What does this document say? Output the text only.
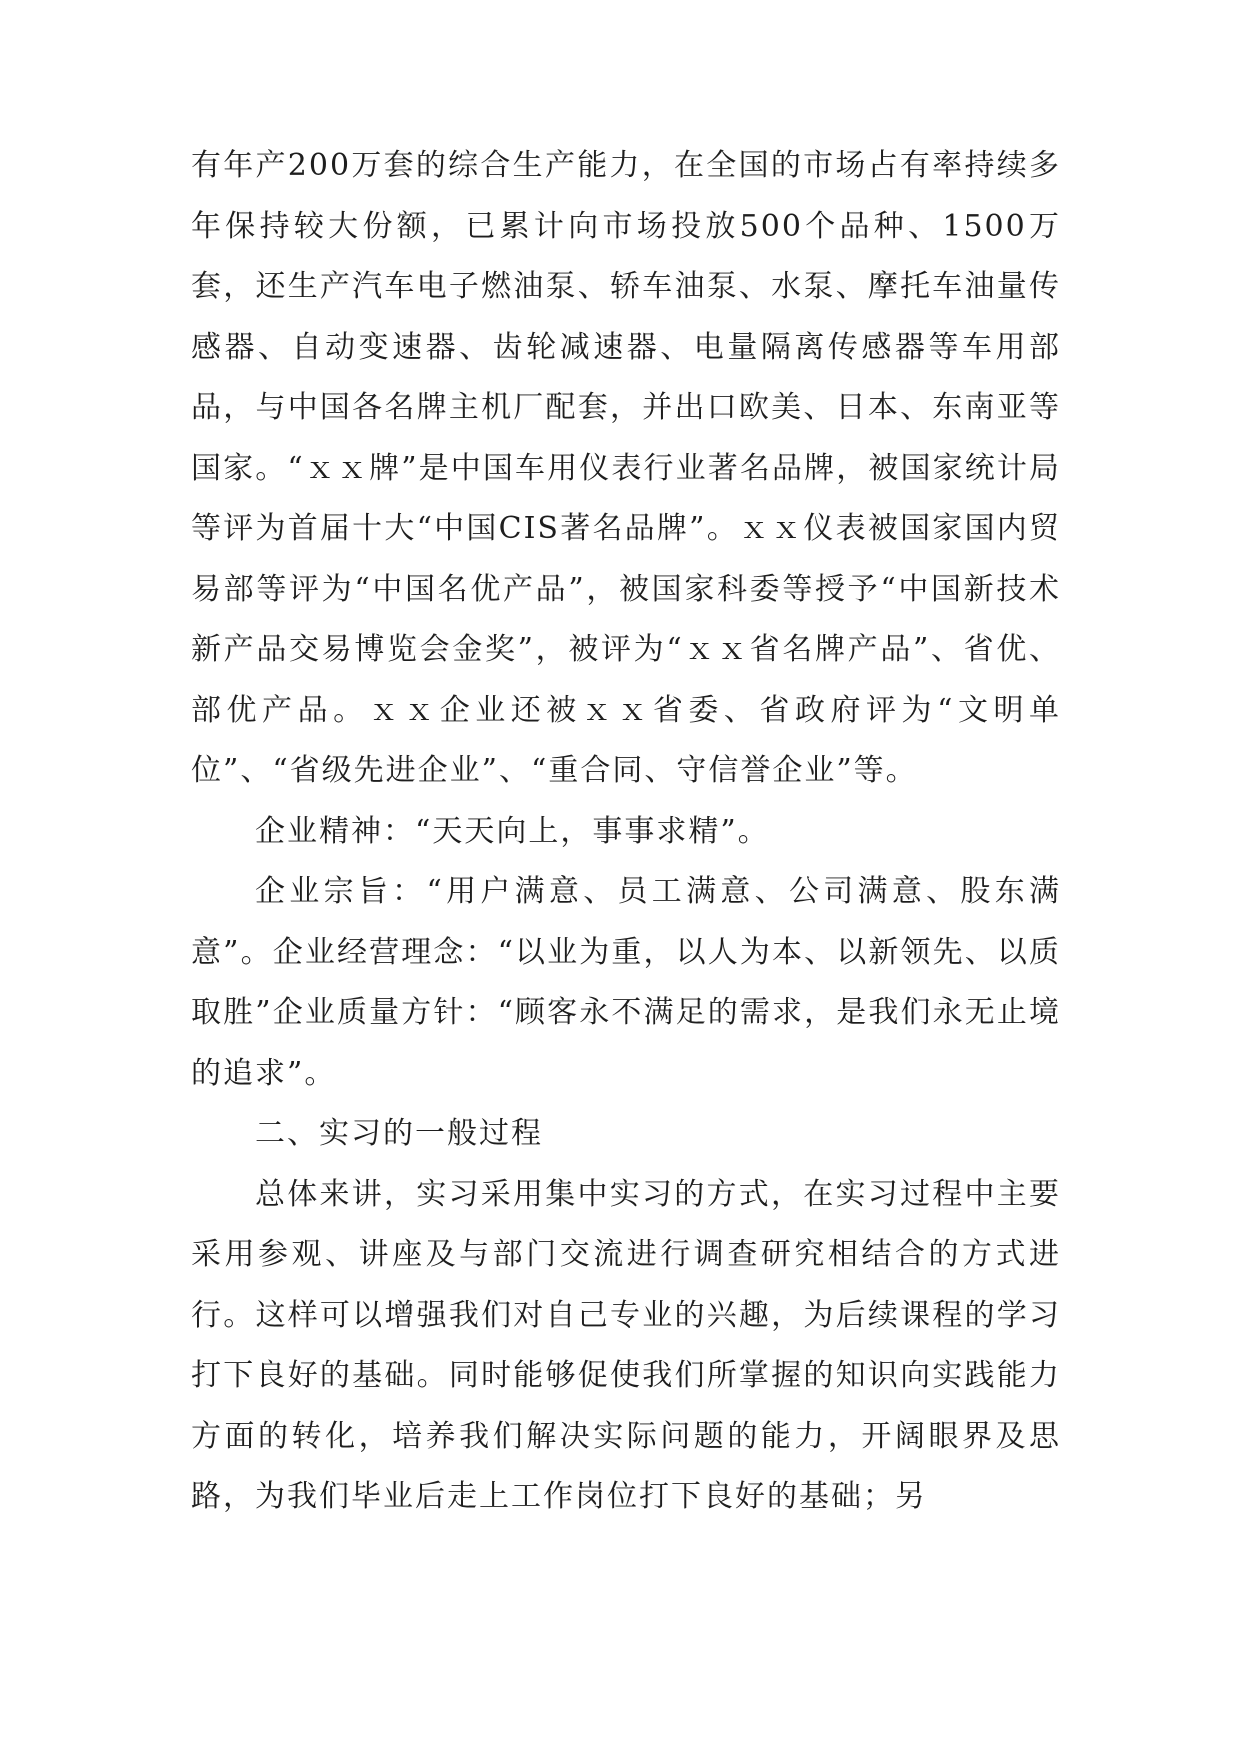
有年产200万套的综合生产能力，在全国的市场占有率持续多年保持较大份额，已累计向市场投放500个品种、1500万套，还生产汽车电子燃油泵、轿车油泵、水泵、摩托车油量传感器、自动变速器、齿轮减速器、电量隔离传感器等车用部品，与中国各名牌主机厂配套，并出口欧美、日本、东南亚等国家。“ｘｘ牌”是中国车用仪表行业著名品牌，被国家统计局等评为首届十大“中国CIS著名品牌”。ｘｘ仪表被国家国内贸易部等评为“中国名优产品”，被国家科委等授予“中国新技术新产品交易博览会金奖”，被评为“ｘｘ省名牌产品”、省优、部优产品。ｘｘ企业还被ｘｘ省委、省政府评为“文明单位”、“省级先进企业”、“重合同、守信誉企业”等。

企业精神：“天天向上，事事求精”。

企业宗旨：“用户满意、员工满意、公司满意、股东满意”。企业经营理念：“以业为重，以人为本、以新领先、以质取胜”企业质量方针：“顾客永不满足的需求，是我们永无止境的追求”。

二、实习的一般过程

总体来讲，实习采用集中实习的方式，在实习过程中主要采用参观、讲座及与部门交流进行调查研究相结合的方式进行。这样可以增强我们对自己专业的兴趣，为后续课程的学习打下良好的基础。同时能够促使我们所掌握的知识向实践能力方面的转化，培养我们解决实际问题的能力，开阔眼界及思路，为我们毕业后走上工作岗位打下良好的基础；另
